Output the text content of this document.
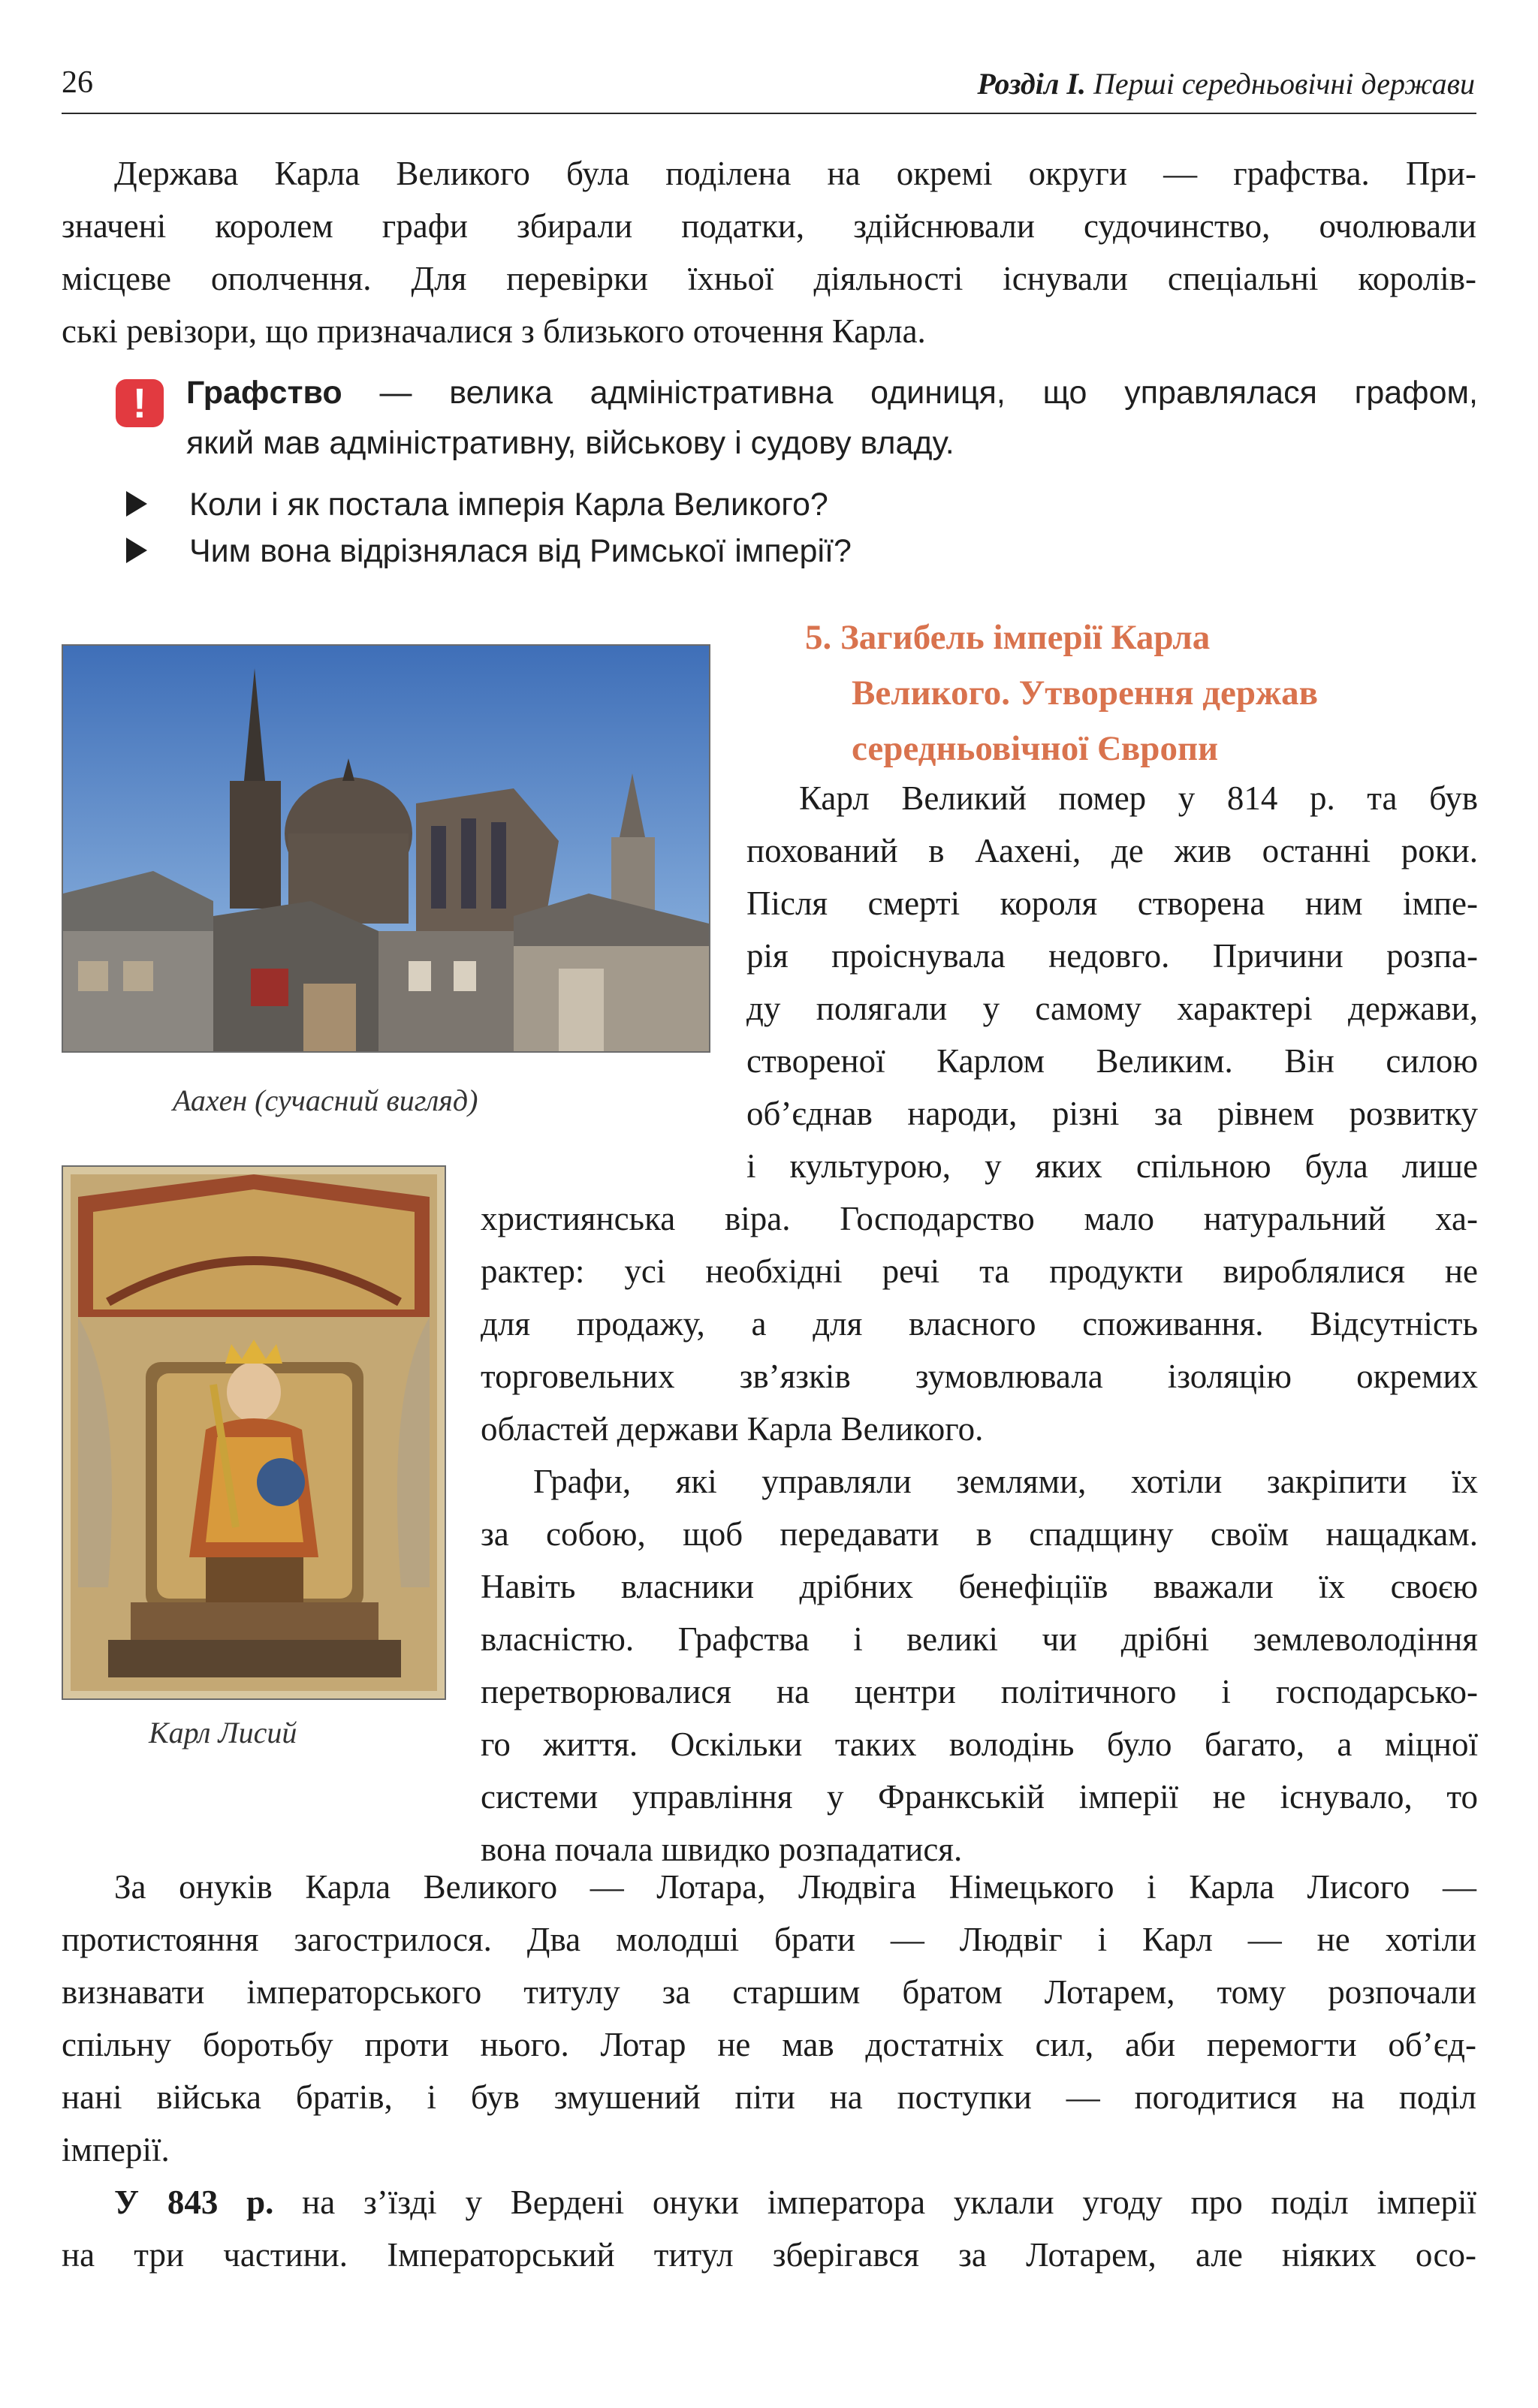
26	Розділ I. Перші середньовічні держави
Держава Карла Великого була поділена на окремі округи — графства. При-
значені королем графи збирали податки, здійснювали судочинство, очолювали
місцеве ополчення. Для перевірки їхньої діяльності існували спеціальні королів-
ські ревізори, що призначалися з близького оточення Карла.
!
Графство — велика адміністративна одиниця, що управлялася графом,
який мав адміністративну, військову і судову владу.
Коли і як постала імперія Карла Великого?
Чим вона відрізнялася від Римської імперії?
Аахен (сучасний вигляд)
Карл Лисий
5. Загибель імперії Карла
Великого. Утворення держав
середньовічної Європи
Карл Великий помер у 814 р. та був
похований в Аахені, де жив останні роки.
Після смерті короля створена ним імпе-
рія проіснувала недовго. Причини розпа-
ду полягали у самому характері держави,
створеної Карлом Великим. Він силою
об’єднав народи, різні за рівнем розвитку
і культурою, у яких спільною була лише
християнська віра. Господарство мало натуральний ха-
рактер: усі необхідні речі та продукти вироблялися не
для продажу, а для власного споживання. Відсутність
торговельних зв’язків зумовлювала ізоляцію окремих
областей держави Карла Великого.
Графи, які управляли землями, хотіли закріпити їх
за собою, щоб передавати в спадщину своїм нащадкам.
Навіть власники дрібних бенефіціїв вважали їх своєю
власністю. Графства і великі чи дрібні землеволодіння
перетворювалися на центри політичного і господарсько-
го життя. Оскільки таких володінь було багато, а міцної
системи управління у Франкській імперії не існувало, то
вона почала швидко розпадатися.
За онуків Карла Великого — Лотара, Людвіга Німецького і Карла Лисого —
протистояння загострилося. Два молодші брати — Людвіг і Карл — не хотіли
визнавати імператорського титулу за старшим братом Лотарем, тому розпочали
спільну боротьбу проти нього. Лотар не мав достатніх сил, аби перемогти об’єд-
нані війська братів, і був змушений піти на поступки — погодитися на поділ
імперії.
У 843 р. на з’їзді у Вердені онуки імператора уклали угоду про поділ імперії
на три частини. Імператорський титул зберігався за Лотарем, але ніяких осо-
